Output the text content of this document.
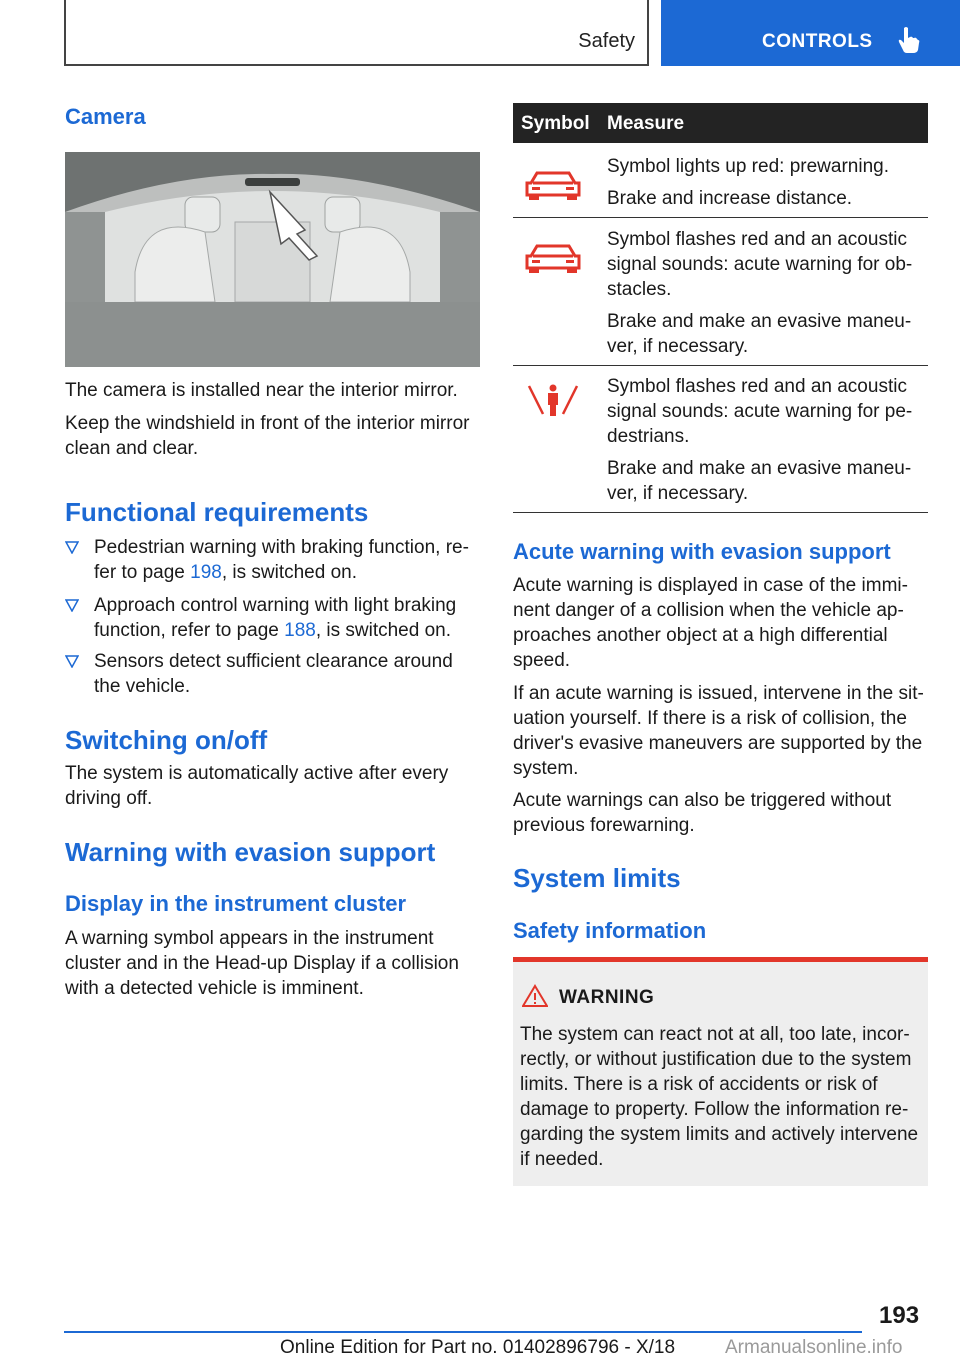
Safety	CONTROLS
Camera

The camera is installed near the interior mirror.

Keep the windshield in front of the interior mirror

clean and clear.

Functional requirements
Pedestrian warning with braking function, re-
fer to page 198, is switched on.
Approach control warning with light braking
function, refer to page 188, is switched on.
Sensors detect sufficient clearance around
the vehicle.
Switching on/off

The system is automatically active after every

driving off.

Warning with evasion support
Display in the instrument cluster

A warning symbol appears in the instrument

cluster and in the Head-up Display if a collision

with a detected vehicle is imminent.

Symbol Measure
Symbol lights up red: prewarning.
Brake and increase distance.
Symbol flashes red and an acoustic
signal sounds: acute warning for ob-
stacles.
Brake and make an evasive maneu-
ver, if necessary.
Symbol flashes red and an acoustic
signal sounds: acute warning for pe-
destrians.
Brake and make an evasive maneu-
ver, if necessary.
Acute warning with evasion support
Acute warning is displayed in case of the immi-
nent danger of a collision when the vehicle ap-
proaches another object at a high differential
speed.
If an acute warning is issued, intervene in the sit-
uation yourself. If there is a risk of collision, the
driver's evasive maneuvers are supported by the
system.
Acute warnings can also be triggered without
previous forewarning.
System limits
Safety information
WARNING
The system can react not at all, too late, incor-
rectly, or without justification due to the system
limits. There is a risk of accidents or risk of
damage to property. Follow the information re-
garding the system limits and actively intervene
if needed.
193
Online Edition for Part no. 01402896796 - X/18	Armanualsonline.info
